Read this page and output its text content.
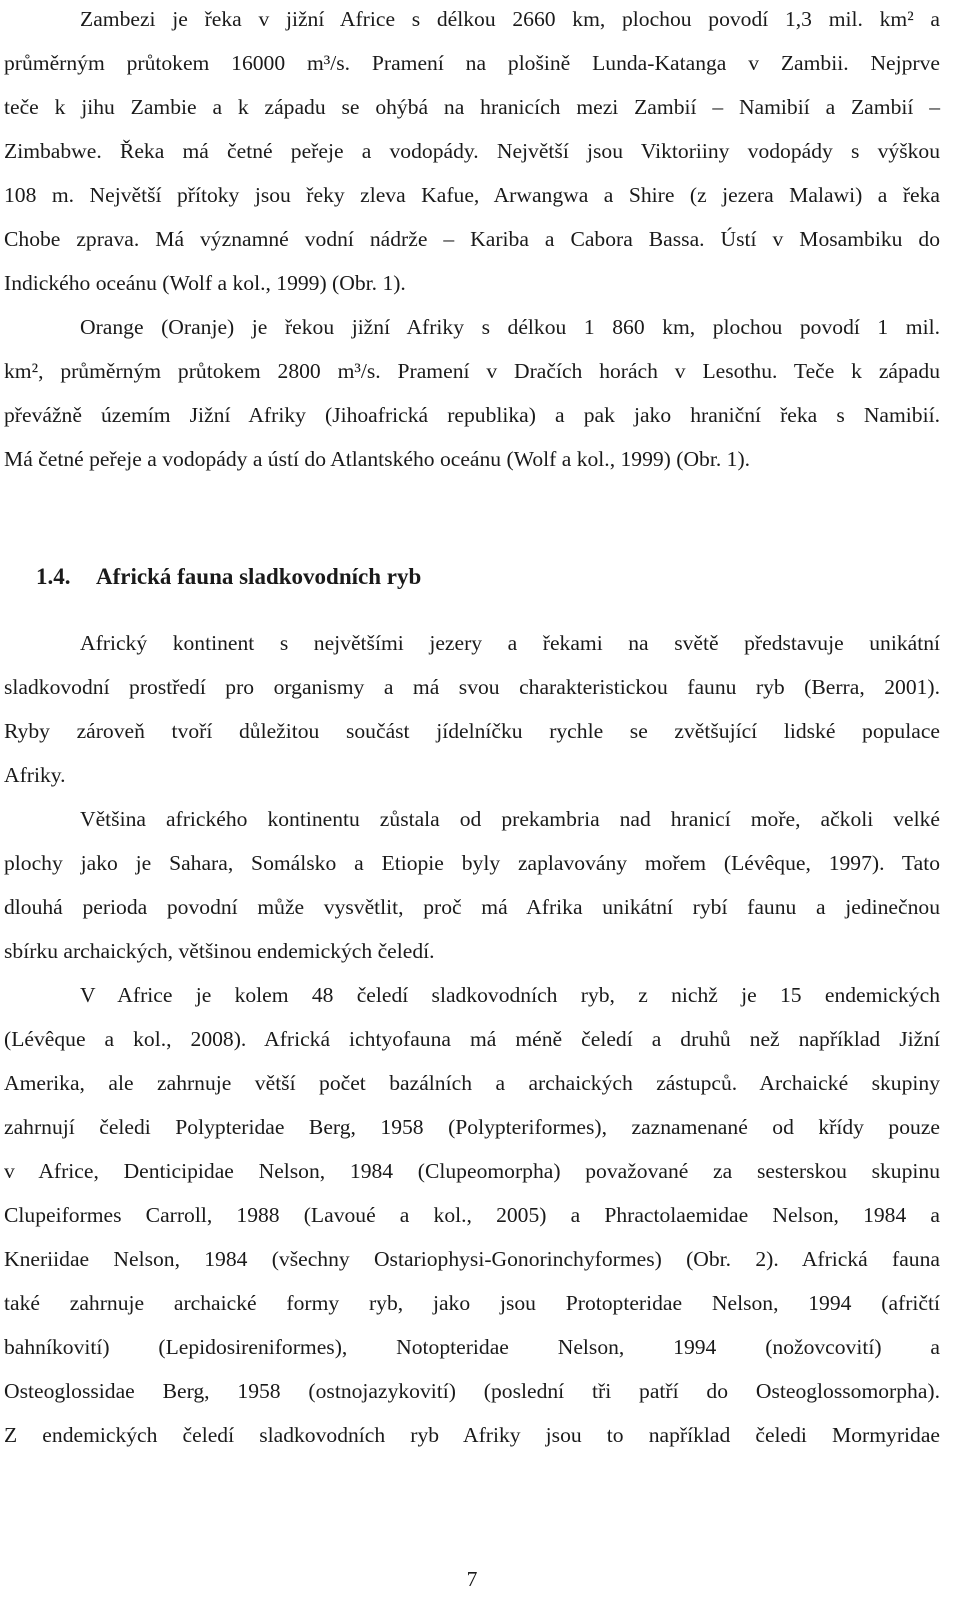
Zambezi je řeka v jižní Africe s délkou 2660 km, plochou povodí 1,3 mil. km² a
průměrným průtokem 16000 m³/s. Pramení na plošině Lunda-Katanga v Zambii. Nejprve
teče k jihu Zambie a k západu se ohýbá na hranicích mezi Zambií – Namibií a Zambií –
Zimbabwe. Řeka má četné peřeje a vodopády. Největší jsou Viktoriiny vodopády s výškou
108 m. Největší přítoky jsou řeky zleva Kafue, Arwangwa a Shire (z jezera Malawi) a řeka
Chobe zprava. Má významné vodní nádrže – Kariba a Cabora Bassa. Ústí v Mosambiku do
Indického oceánu (Wolf a kol., 1999) (Obr. 1).
Orange (Oranje) je řekou jižní Afriky s délkou 1 860 km, plochou povodí 1 mil.
km², průměrným průtokem 2800 m³/s. Pramení v Dračích horách v Lesothu. Teče k západu
převážně územím Jižní Afriky (Jihoafrická republika) a pak jako hraniční řeka s Namibií.
Má četné peřeje a vodopády a ústí do Atlantského oceánu (Wolf a kol., 1999) (Obr. 1).
1.4. Africká fauna sladkovodních ryb
Africký kontinent s největšími jezery a řekami na světě představuje unikátní
sladkovodní prostředí pro organismy a má svou charakteristickou faunu ryb (Berra, 2001).
Ryby zároveň tvoří důležitou součást jídelníčku rychle se zvětšující lidské populace
Afriky.
Většina afrického kontinentu zůstala od prekambria nad hranicí moře, ačkoli velké
plochy jako je Sahara, Somálsko a Etiopie byly zaplavovány mořem (Lévêque, 1997). Tato
dlouhá perioda povodní může vysvětlit, proč má Afrika unikátní rybí faunu a jedinečnou
sbírku archaických, většinou endemických čeledí.
V Africe je kolem 48 čeledí sladkovodních ryb, z nichž je 15 endemických
(Lévêque a kol., 2008). Africká ichtyofauna má méně čeledí a druhů než například Jižní
Amerika, ale zahrnuje větší počet bazálních a archaických zástupců. Archaické skupiny
zahrnují čeledi Polypteridae Berg, 1958 (Polypteriformes), zaznamenané od křídy pouze
v Africe, Denticipidae Nelson, 1984 (Clupeomorpha) považované za sesterskou skupinu
Clupeiformes Carroll, 1988 (Lavoué a kol., 2005) a Phractolaemidae Nelson, 1984 a
Kneriidae Nelson, 1984 (všechny Ostariophysi-Gonorinchyformes) (Obr. 2). Africká fauna
také zahrnuje archaické formy ryb, jako jsou Protopteridae Nelson, 1994 (afričtí
bahníkovití) (Lepidosireniformes), Notopteridae Nelson, 1994 (nožovcovití) a
Osteoglossidae Berg, 1958 (ostnojazykovití) (poslední tři patří do Osteoglossomorpha).
Z endemických čeledí sladkovodních ryb Afriky jsou to například čeledi Mormyridae
7
